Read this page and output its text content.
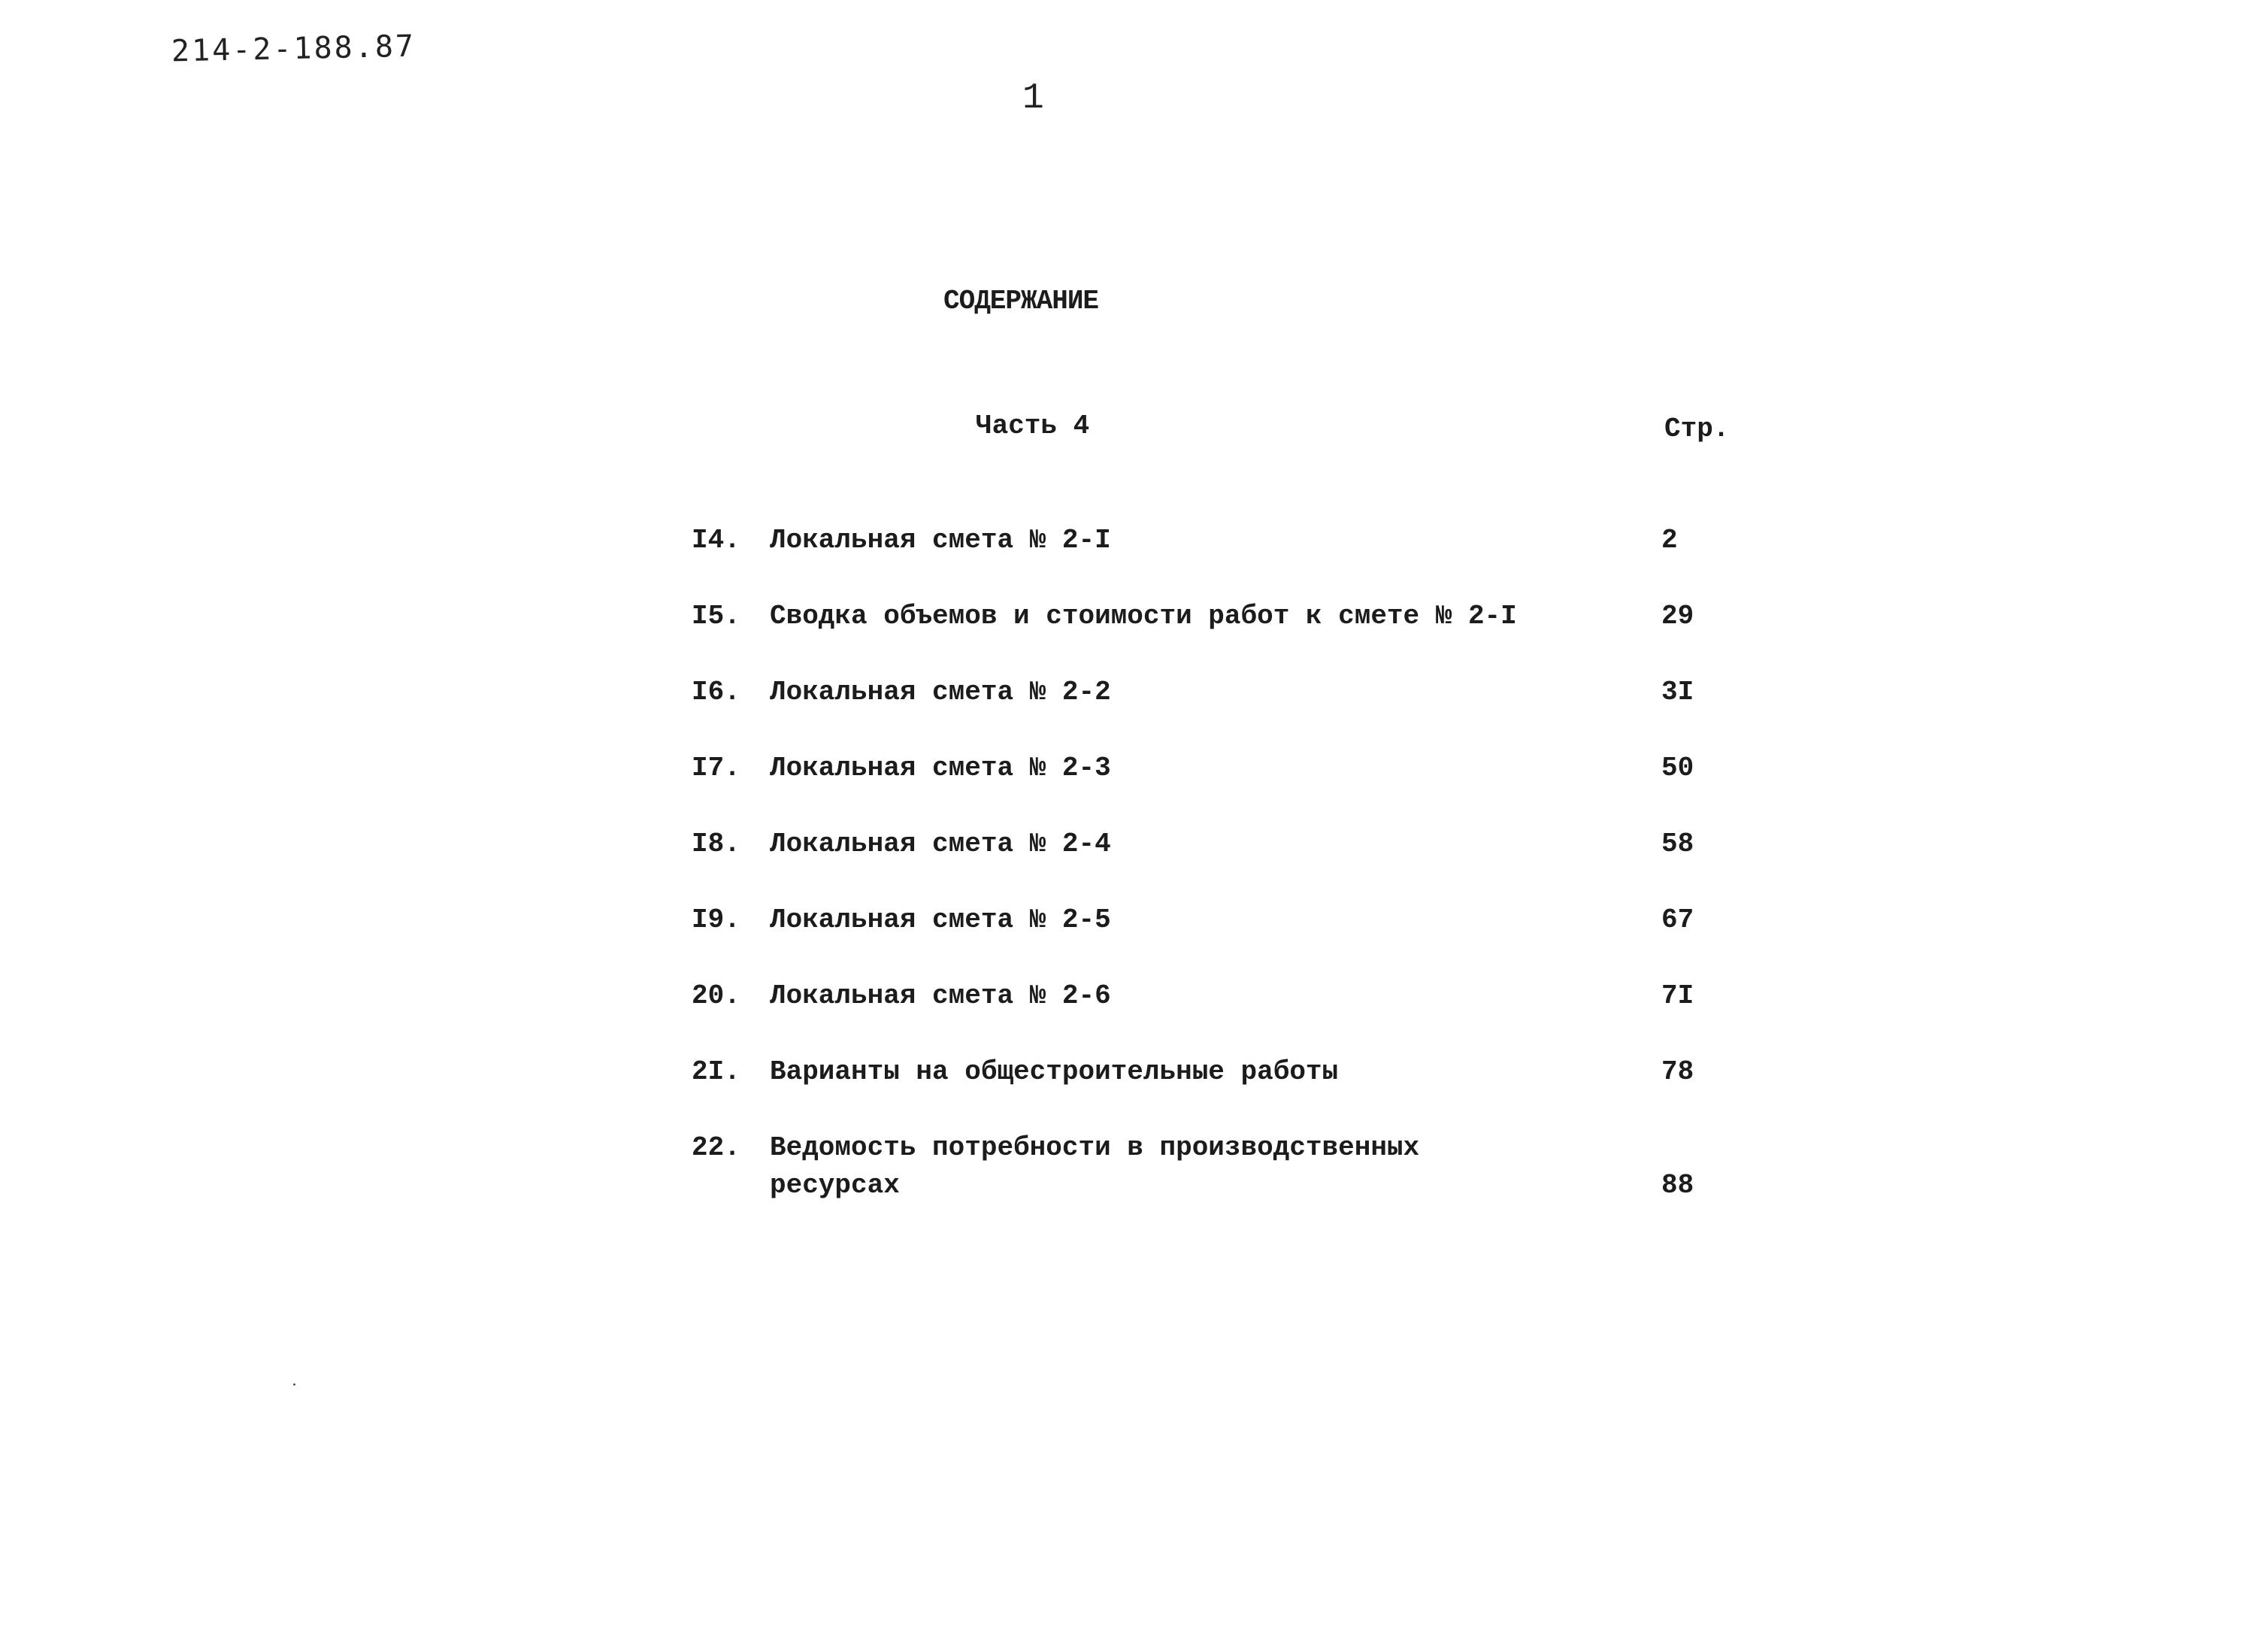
214-2-188.87
1
СОДЕРЖАНИЕ
Часть 4	Стр.
I4. Локальная смета № 2-I	2
I5. Сводка объемов и стоимости работ к смете № 2-I	29
I6. Локальная смета № 2-2	3I
I7. Локальная смета № 2-3	50
I8. Локальная смета № 2-4	58
I9. Локальная смета № 2-5	67
20. Локальная смета № 2-6	7I
2I. Варианты на общестроительные работы	78
22. Ведомость потребности в производственных
ресурсах	88
